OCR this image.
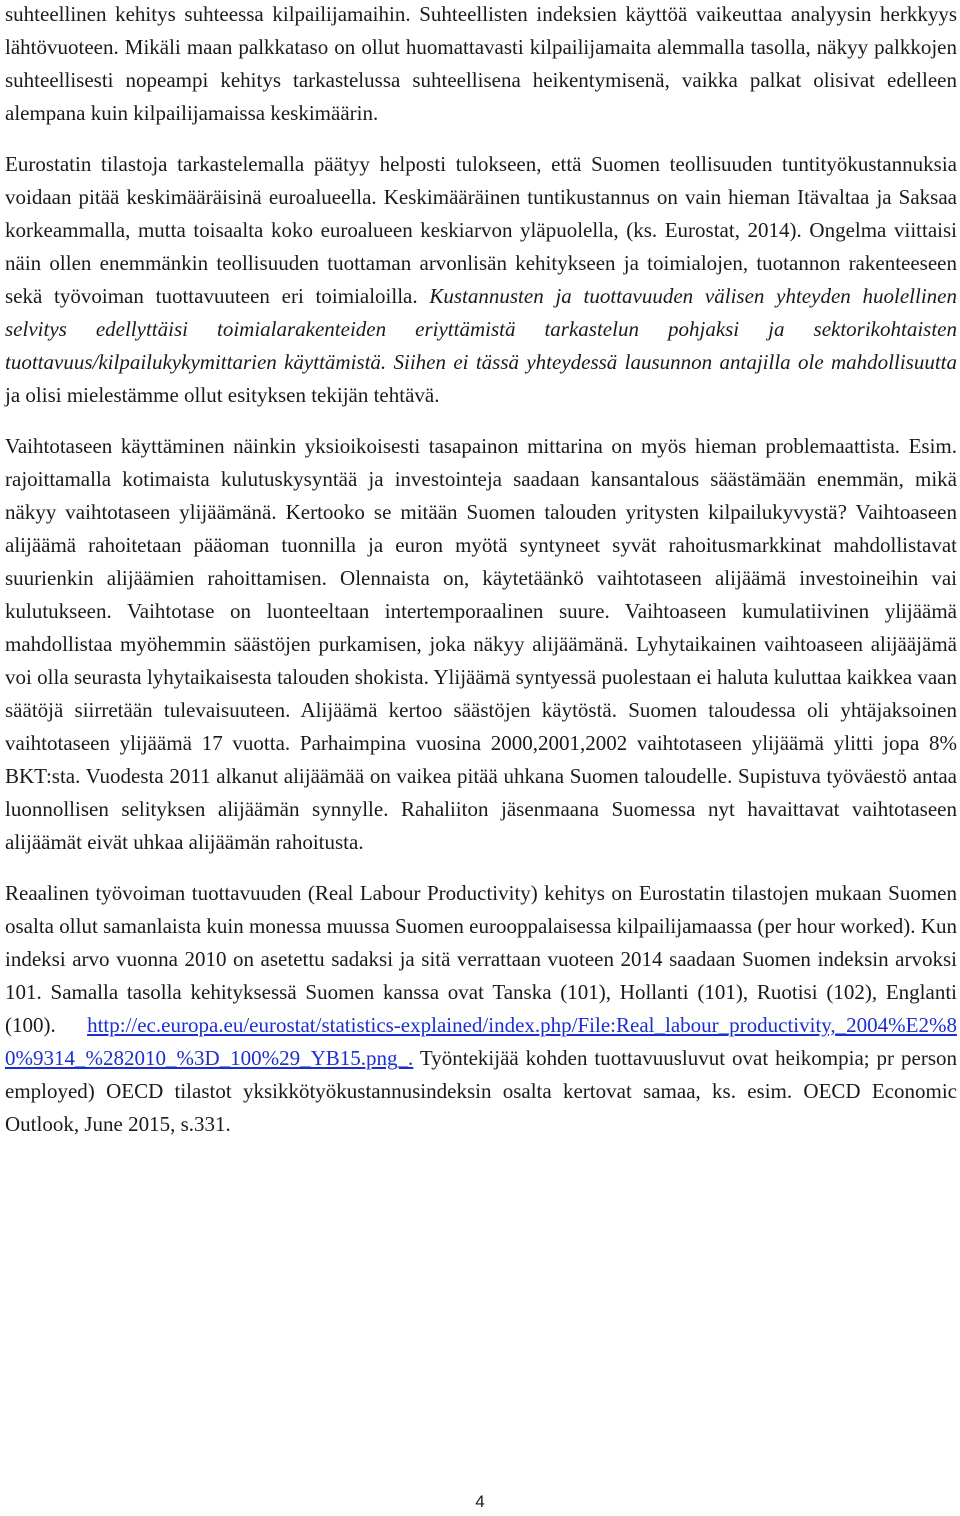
suhteellinen kehitys suhteessa kilpailijamaihin. Suhteellisten indeksien käyttöä vaikeuttaa analyysin herkkyys lähtövuoteen. Mikäli maan palkkataso on ollut huomattavasti kilpailijamaita alemmalla tasolla, näkyy palkkojen suhteellisesti nopeampi kehitys tarkastelussa suhteellisena heikentymisenä, vaikka palkat olisivat edelleen alempana kuin kilpailijamaissa keskimäärin.

Eurostatin tilastoja tarkastelemalla päätyy helposti tulokseen, että Suomen teollisuuden tuntityökustannuksia voidaan pitää keskimääräisinä euroalueella. Keskimääräinen tuntikustannus on vain hieman Itävaltaa ja Saksaa korkeammalla, mutta toisaalta koko euroalueen keskiarvon yläpuolella, (ks. Eurostat, 2014). Ongelma viittaisi näin ollen enemmänkin teollisuuden tuottaman arvonlisän kehitykseen ja toimialojen, tuotannon rakenteeseen sekä työvoiman tuottavuuteen eri toimialoilla. Kustannusten ja tuottavuuden välisen yhteyden huolellinen selvitys edellyttäisi toimialarakenteiden eriyttämistä tarkastelun pohjaksi ja sektorikohtaisten tuottavuus/kilpailukykymittarien käyttämistä. Siihen ei tässä yhteydessä lausunnon antajilla ole mahdollisuutta ja olisi mielestämme ollut esityksen tekijän tehtävä.

Vaihtotaseen käyttäminen näinkin yksioikoisesti tasapainon mittarina on myös hieman problemaattista. Esim. rajoittamalla kotimaista kulutuskysyntää ja investointeja saadaan kansantalous säästämään enemmän, mikä näkyy vaihtotaseen ylijäämänä. Kertooko se mitään Suomen talouden yritysten kilpailukyvystä? Vaihtoaseen alijäämä rahoitetaan pääoman tuonnilla ja euron myötä syntyneet syvät rahoitusmarkkinat mahdollistavat suurienkin alijäämien rahoittamisen. Olennaista on, käytetäänkö vaihtotaseen alijäämä investoineihin vai kulutukseen. Vaihtotase on luonteeltaan intertemporaalinen suure. Vaihtoaseen kumulatiivinen ylijäämä mahdollistaa myöhemmin säästöjen purkamisen, joka näkyy alijäämänä. Lyhytaikainen vaihtoaseen alijääjämä voi olla seurasta lyhytaikaisesta talouden shokista. Ylijäämä syntyessä puolestaan ei haluta kuluttaa kaikkea vaan säätöjä siirretään tulevaisuuteen. Alijäämä kertoo säästöjen käytöstä. Suomen taloudessa oli yhtäjaksoinen vaihtotaseen ylijäämä 17 vuotta. Parhaimpina vuosina 2000,2001,2002 vaihtotaseen ylijäämä ylitti jopa 8% BKT:sta. Vuodesta 2011 alkanut alijäämää on vaikea pitää uhkana Suomen taloudelle. Supistuva työväestö antaa luonnollisen selityksen alijäämän synnylle. Rahaliiton jäsenmaana Suomessa nyt havaittavat vaihtotaseen alijäämät eivät uhkaa alijäämän rahoitusta.

Reaalinen työvoiman tuottavuuden (Real Labour Productivity) kehitys on Eurostatin tilastojen mukaan Suomen osalta ollut samanlaista kuin monessa muussa Suomen eurooppalaisessa kilpailijamaassa (per hour worked). Kun indeksi arvo vuonna 2010 on asetettu sadaksi ja sitä verrattaan vuoteen 2014 saadaan Suomen indeksin arvoksi 101. Samalla tasolla kehityksessä Suomen kanssa ovat Tanska (101), Hollanti (101), Ruotisi (102), Englanti (100). http://ec.europa.eu/eurostat/statistics-explained/index.php/File:Real_labour_productivity,_2004%E2%80%9314_%282010_%3D_100%29_YB15.png_. Työntekijää kohden tuottavuusluvut ovat heikompia; pr person employed) OECD tilastot yksikkötyökustannusindeksin osalta kertovat samaa, ks. esim. OECD Economic Outlook, June 2015, s.331.

4
